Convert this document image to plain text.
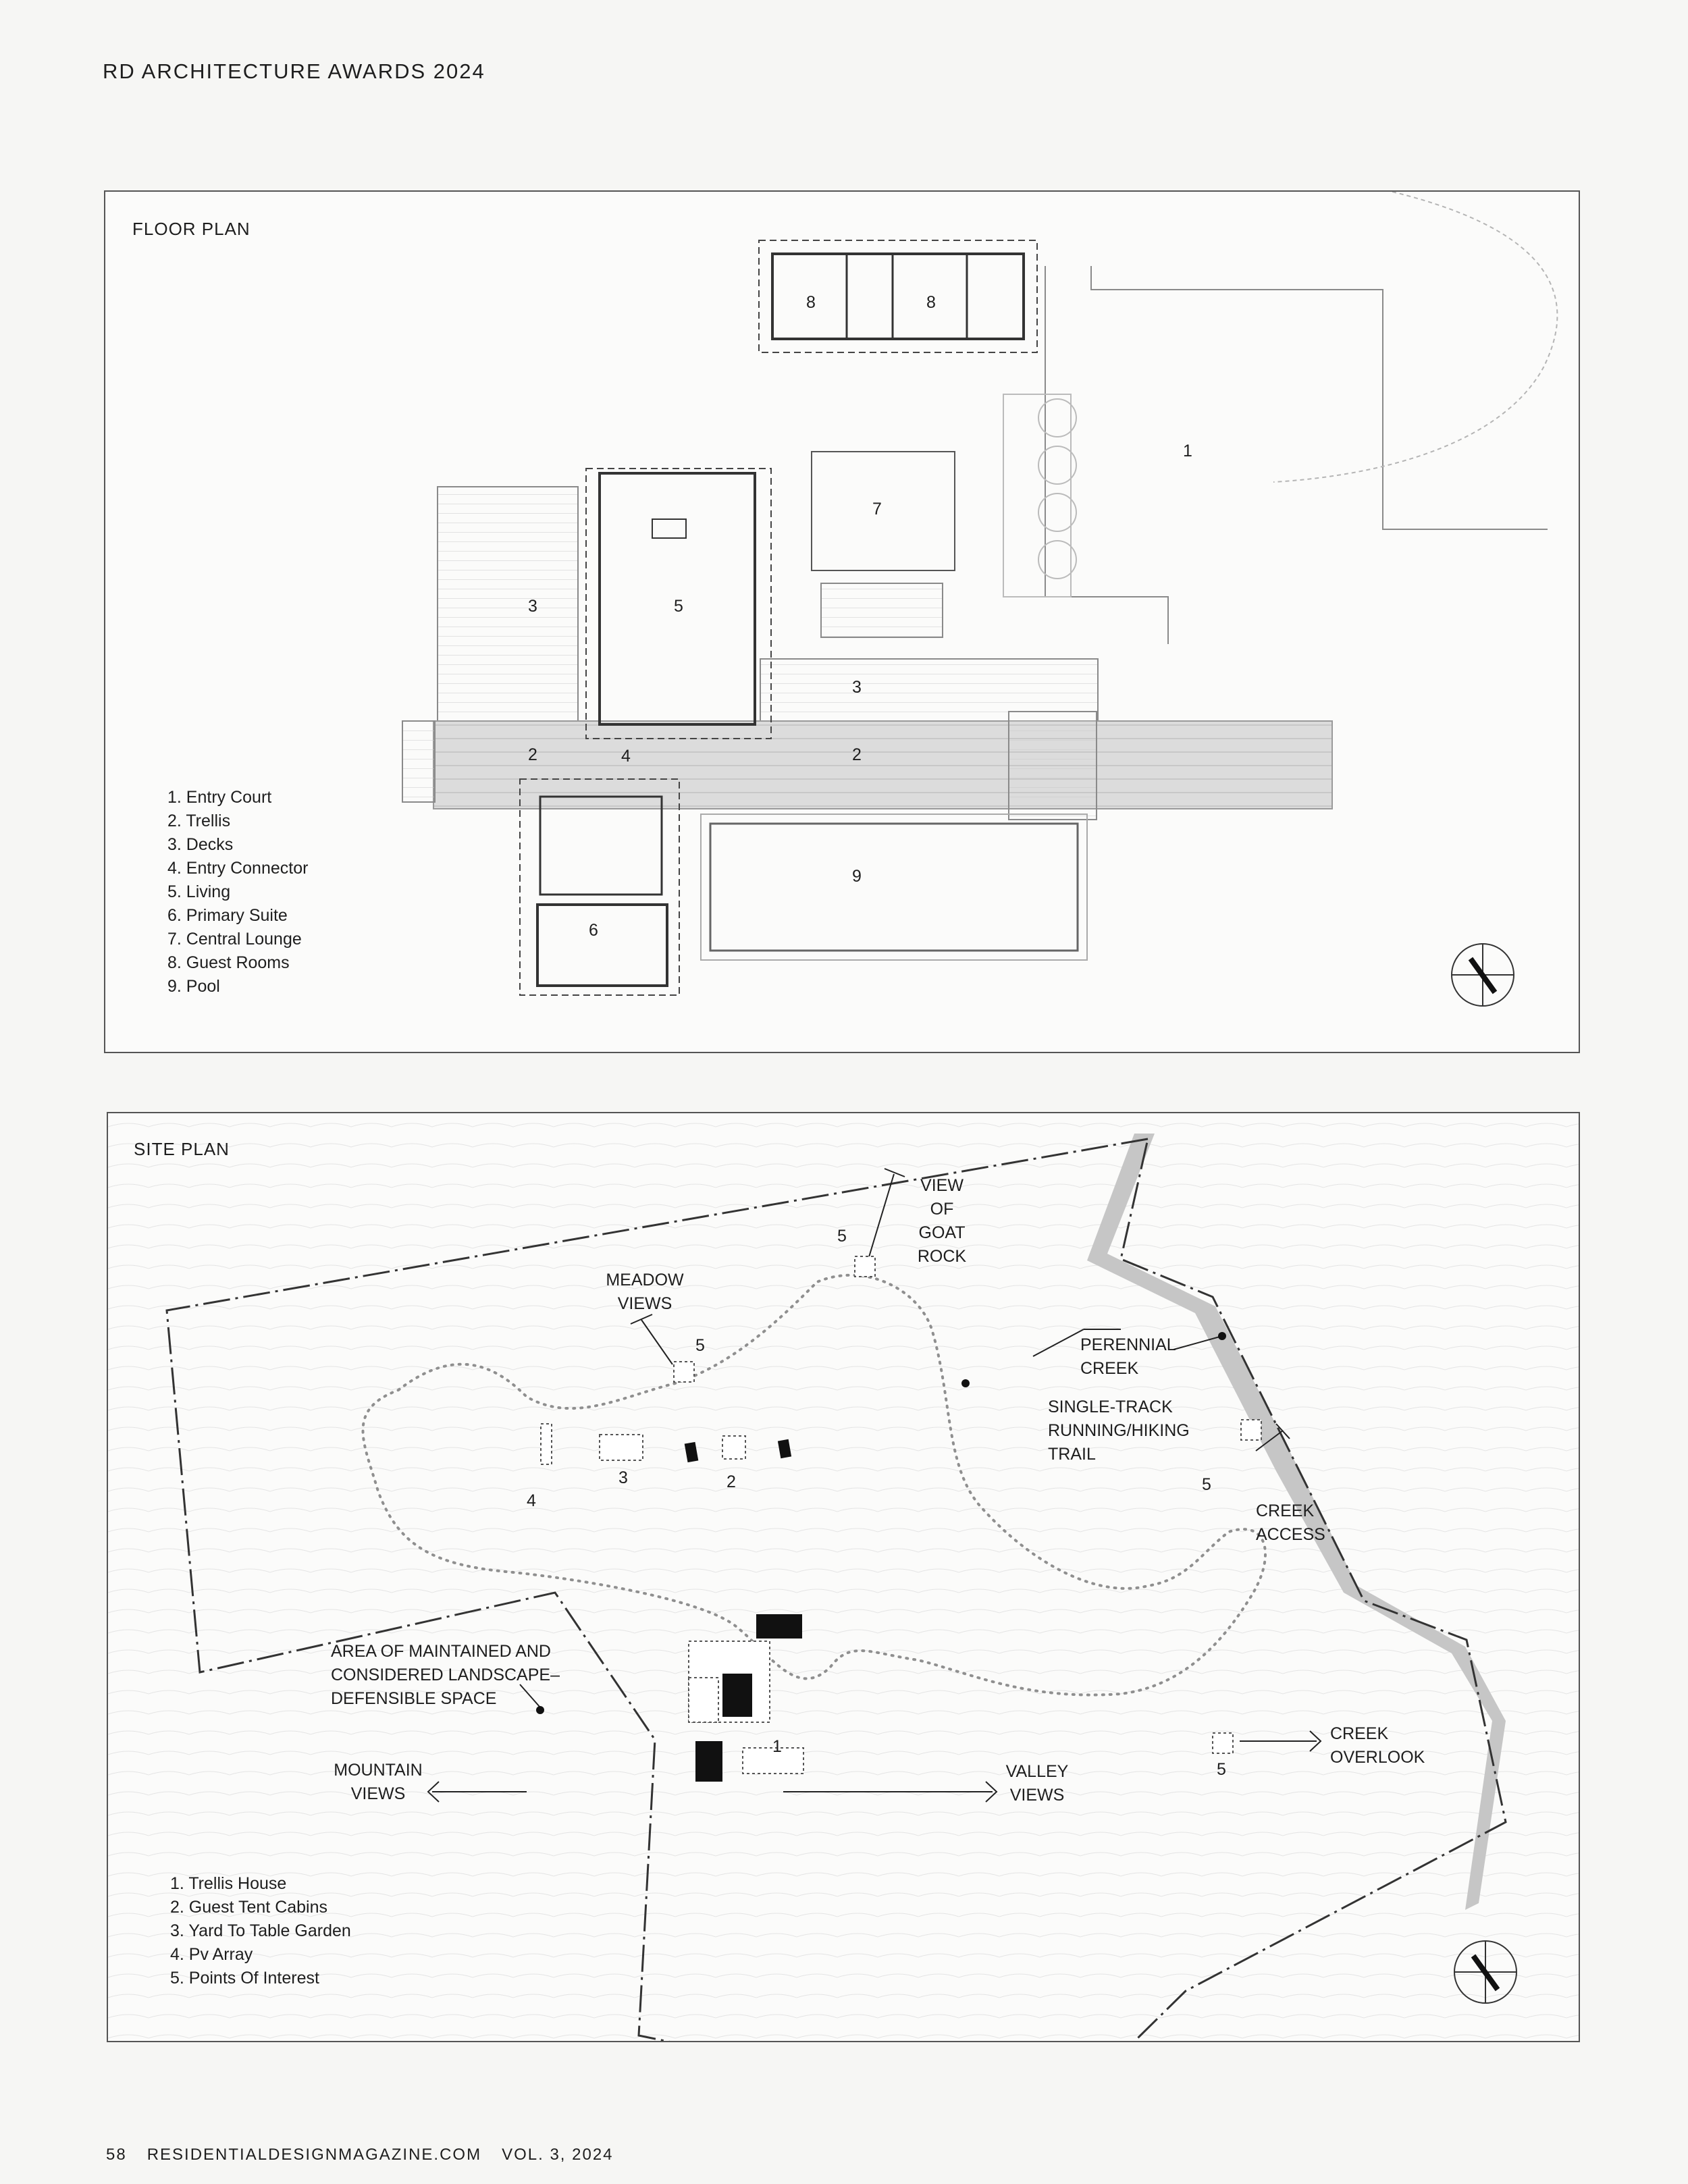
RD ARCHITECTURE AWARDS 2024
FLOOR PLAN
1
2	2
3
3
4
5
6
7
8	8
9
1. Entry Court
2. Trellis
3. Decks
4. Entry Connector
5. Living
6. Primary Suite
7. Central Lounge
8. Guest Rooms
9. Pool
SITE PLAN
VIEW
OF
GOAT
ROCK
MEADOW
VIEWS
PERENNIAL
CREEK
SINGLE-TRACK
RUNNING/HIKING
TRAIL
CREEK
ACCESS
AREA OF MAINTAINED AND
CONSIDERED LANDSCAPE–
DEFENSIBLE SPACE
MOUNTAIN
VIEWS
VALLEY
VIEWS
CREEK
OVERLOOK
5
5
5
5
4
3	2
1
1. Trellis House
2. Guest Tent Cabins
3. Yard To Table Garden
4. Pv Array
5. Points Of Interest
58 RESIDENTIALDESIGNMAGAZINE.COM VOL. 3, 2024
